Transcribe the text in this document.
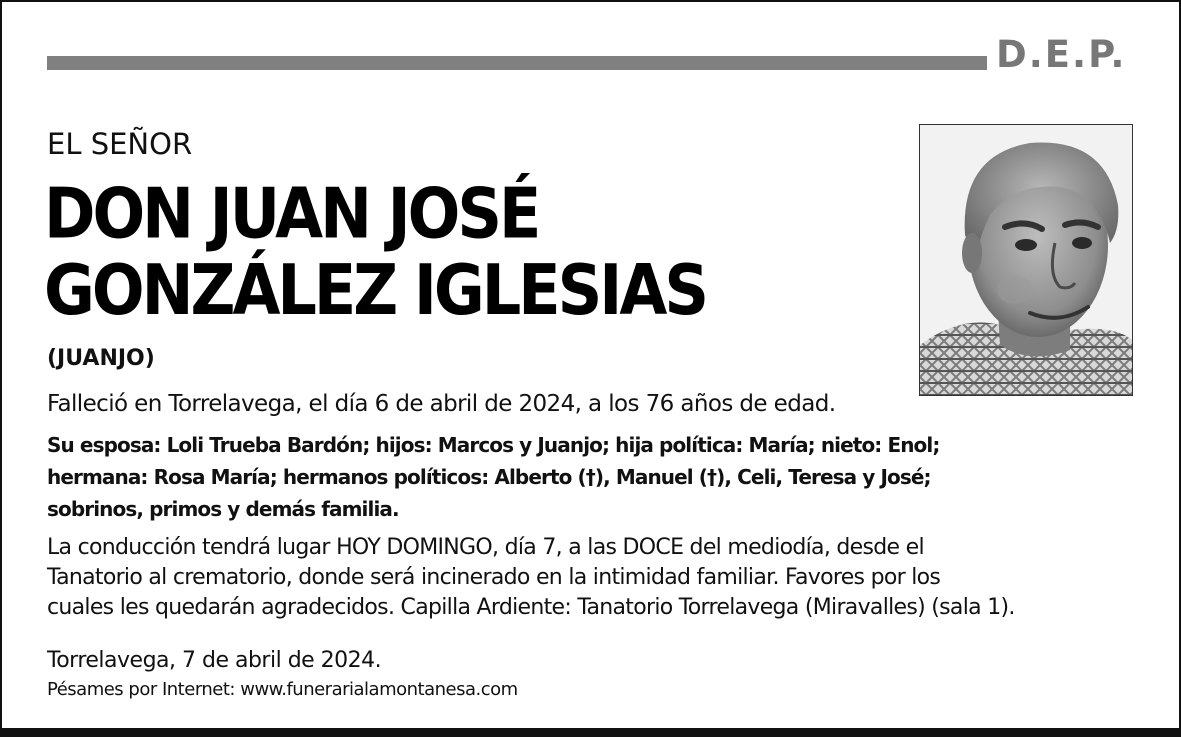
D.E.P.
EL SEÑOR
DON JUAN JOSÉ
GONZÁLEZ IGLESIAS
(JUANJO)
Falleció en Torrelavega, el día 6 de abril de 2024, a los 76 años de edad.
Su esposa: Loli Trueba Bardón; hijos: Marcos y Juanjo; hija política: María; nieto: Enol;
hermana: Rosa María; hermanos políticos: Alberto (†), Manuel (†), Celi, Teresa y José;
sobrinos, primos y demás familia.
La conducción tendrá lugar HOY DOMINGO, día 7, a las DOCE del mediodía, desde el
Tanatorio al crematorio, donde será incinerado en la intimidad familiar. Favores por los
cuales les quedarán agradecidos. Capilla Ardiente: Tanatorio Torrelavega (Miravalles) (sala 1).
Torrelavega, 7 de abril de 2024.
Pésames por Internet: www.funerarialamontanesa.com
